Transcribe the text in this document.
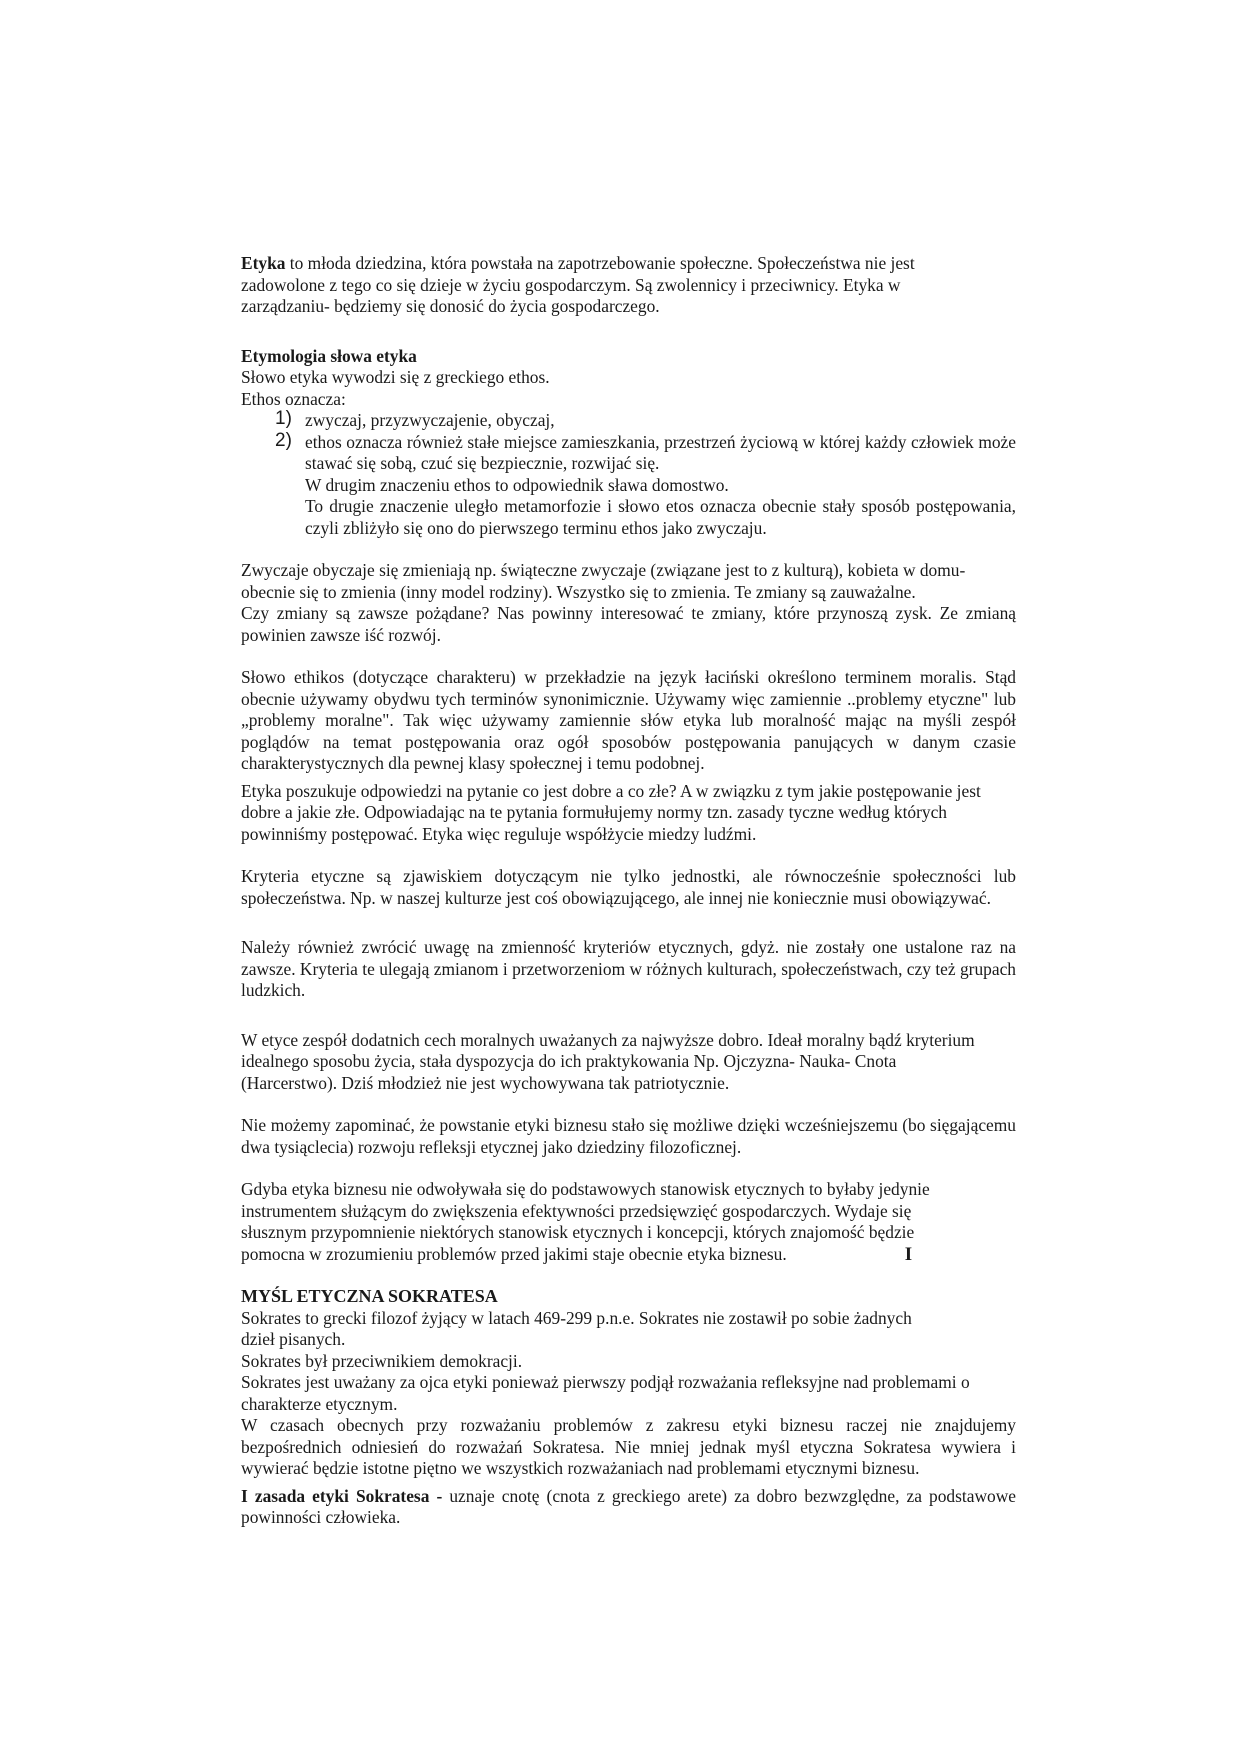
Etyka to młoda dziedzina, która powstała na zapotrzebowanie społeczne. Społeczeństwa nie jest zadowolone z tego co się dzieje w życiu gospodarczym. Są zwolennicy i przeciwnicy. Etyka w zarządzaniu- będziemy się donosić do życia gospodarczego.

Etymologia słowa etyka

Słowo etyka wywodzi się z greckiego ethos.

Ethos oznacza:

1) zwyczaj, przyzwyczajenie, obyczaj,
2) ethos oznacza również stałe miejsce zamieszkania, przestrzeń życiową w której każdy człowiek może stawać się sobą, czuć się bezpiecznie, rozwijać się.

W drugim znaczeniu ethos to odpowiednik sława domostwo.

To drugie znaczenie uległo metamorfozie i słowo etos oznacza obecnie stały sposób postępowania, czyli zbliżyło się ono do pierwszego terminu ethos jako zwyczaju.

Zwyczaje obyczaje się zmieniają np. świąteczne zwyczaje (związane jest to z kulturą), kobieta w domu- obecnie się to zmienia (inny model rodziny). Wszystko się to zmienia. Te zmiany są zauważalne.

Czy zmiany są zawsze pożądane? Nas powinny interesować te zmiany, które przynoszą zysk. Ze zmianą powinien zawsze iść rozwój.

Słowo ethikos (dotyczące charakteru) w przekładzie na język łaciński określono terminem moralis. Stąd obecnie używamy obydwu tych terminów synonimicznie. Używamy więc zamiennie ..problemy etyczne" lub „problemy moralne". Tak więc używamy zamiennie słów etyka lub moralność mając na myśli zespół poglądów na temat postępowania oraz ogół sposobów postępowania panujących w danym czasie charakterystycznych dla pewnej klasy społecznej i temu podobnej.

Etyka poszukuje odpowiedzi na pytanie co jest dobre a co złe? A w związku z tym jakie postępowanie jest dobre a jakie złe. Odpowiadając na te pytania formułujemy normy tzn. zasady tyczne według których powinniśmy postępować. Etyka więc reguluje współżycie miedzy ludźmi.

Kryteria etyczne są zjawiskiem dotyczącym nie tylko jednostki, ale równocześnie społeczności lub społeczeństwa. Np. w naszej kulturze jest coś obowiązującego, ale innej nie koniecznie musi obowiązywać.

Należy również zwrócić uwagę na zmienność kryteriów etycznych, gdyż. nie zostały one ustalone raz na zawsze. Kryteria te ulegają zmianom i przetworzeniom w różnych kulturach, społeczeństwach, czy też grupach ludzkich.

W etyce zespół dodatnich cech moralnych uważanych za najwyższe dobro. Ideał moralny bądź kryterium idealnego sposobu życia, stała dyspozycja do ich praktykowania Np. Ojczyzna- Nauka- Cnota (Harcerstwo). Dziś młodzież nie jest wychowywana tak patriotycznie.

Nie możemy zapominać, że powstanie etyki biznesu stało się możliwe dzięki wcześniejszemu (bo sięgającemu dwa tysiąclecia) rozwoju refleksji etycznej jako dziedziny filozoficznej.

Gdyba etyka biznesu nie odwoływała się do podstawowych stanowisk etycznych to byłaby jedynie instrumentem służącym do zwiększenia efektywności przedsięwzięć gospodarczych. Wydaje się słusznym przypomnienie niektórych stanowisk etycznych i koncepcji, których znajomość będzie pomocna w zrozumieniu problemów przed jakimi staje obecnie etyka biznesu.	I

MYŚL ETYCZNA SOKRATESA

Sokrates to grecki filozof żyjący w latach 469-299 p.n.e. Sokrates nie zostawił po sobie żadnych dzieł pisanych.

Sokrates był przeciwnikiem demokracji.

Sokrates jest uważany za ojca etyki ponieważ pierwszy podjął rozważania refleksyjne nad problemami o charakterze etycznym.

W czasach obecnych przy rozważaniu problemów z zakresu etyki biznesu raczej nie znajdujemy bezpośrednich odniesień do rozważań Sokratesa. Nie mniej jednak myśl etyczna Sokratesa wywiera i wywierać będzie istotne piętno we wszystkich rozważaniach nad problemami etycznymi biznesu.

I zasada etyki Sokratesa - uznaje cnotę (cnota z greckiego arete) za dobro bezwzględne, za podstawowe powinności człowieka.
